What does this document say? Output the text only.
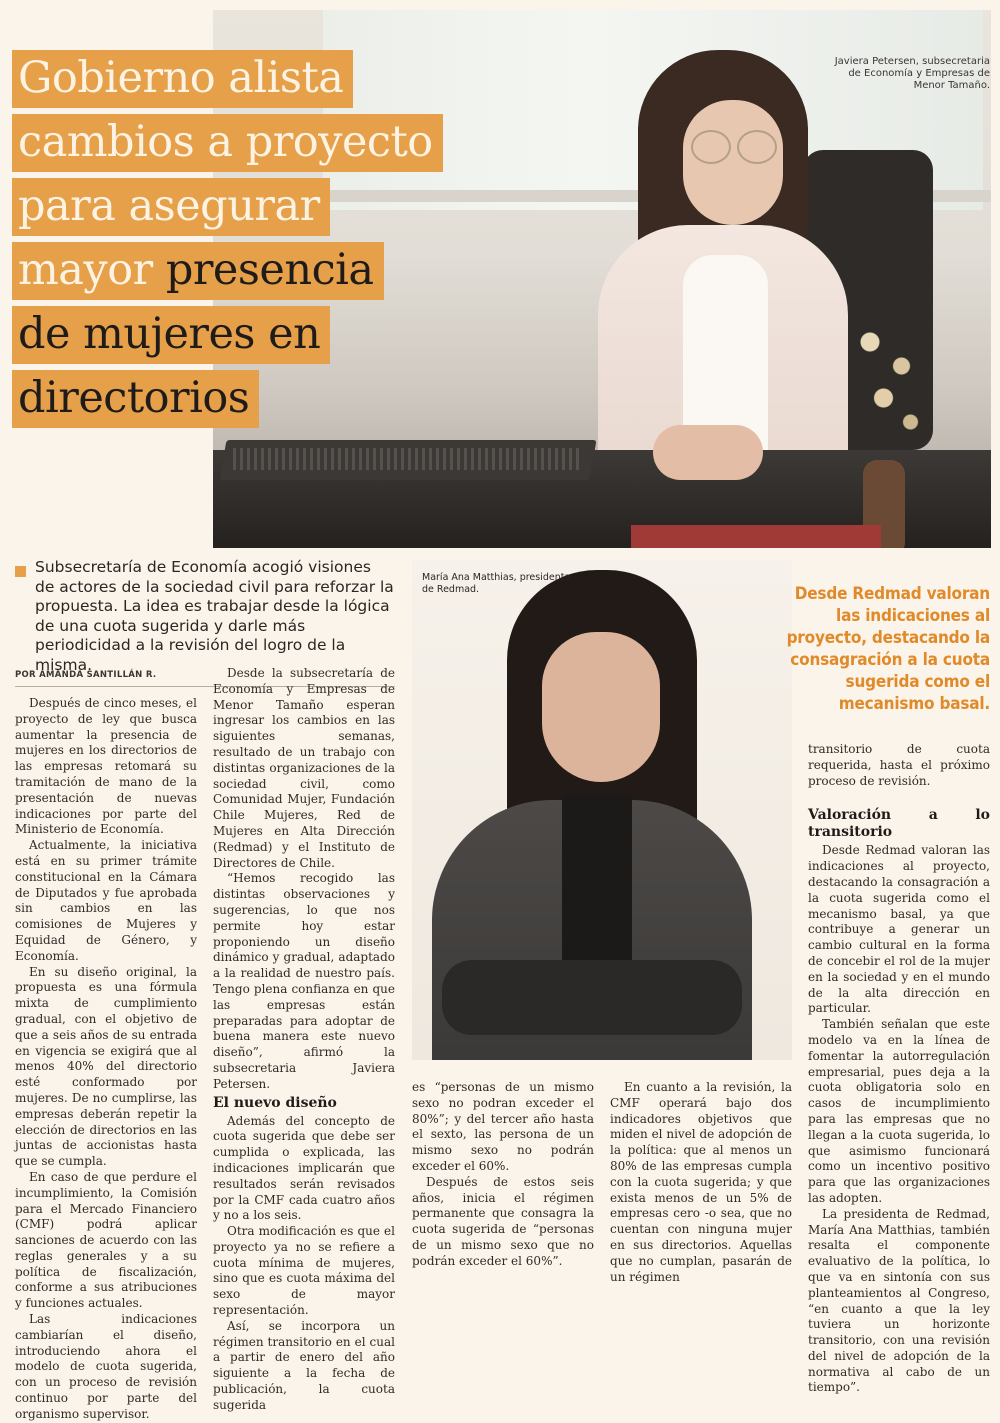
Javiera Petersen, subsecretaria de Economía y Empresas de Menor Tamaño.
Gobierno alista
cambios a proyecto
para asegurar
mayor presencia
de mujeres en
directorios
Subsecretaría de Economía acogió visiones de actores de la sociedad civil para reforzar la propuesta. La idea es trabajar desde la lógica de una cuota sugerida y darle más periodicidad a la revisión del logro de la misma.
POR AMANDA SANTILLÁN R.

Después de cinco meses, el proyecto de ley que busca aumentar la presencia de mujeres en los directorios de las empresas retomará su tramitación de mano de la presentación de nuevas indicaciones por parte del Ministerio de Economía.

Actualmente, la iniciativa está en su primer trámite constitucional en la Cámara de Diputados y fue aprobada sin cambios en las comisiones de Mujeres y Equidad de Género, y Economía.

En su diseño original, la propuesta es una fórmula mixta de cumplimiento gradual, con el objetivo de que a seis años de su entrada en vigencia se exigirá que al menos 40% del directorio esté conformado por mujeres. De no cumplirse, las empresas deberán repetir la elección de directorios en las juntas de accionistas hasta que se cumpla.

En caso de que perdure el incumplimiento, la Comisión para el Mercado Financiero (CMF) podrá aplicar sanciones de acuerdo con las reglas generales y a su política de fiscalización, conforme a sus atribuciones y funciones actuales.

Las indicaciones cambiarían el diseño, introduciendo ahora el modelo de cuota sugerida, con un proceso de revisión continuo por parte del organismo supervisor.

Desde la subsecretaría de Economía y Empresas de Menor Tamaño esperan ingresar los cambios en las siguientes semanas, resultado de un trabajo con distintas organizaciones de la sociedad civil, como Comunidad Mujer, Fundación Chile Mujeres, Red de Mujeres en Alta Dirección (Redmad) y el Instituto de Directores de Chile.

“Hemos recogido las distintas observaciones y sugerencias, lo que nos permite hoy estar proponiendo un diseño dinámico y gradual, adaptado a la realidad de nuestro país. Tengo plena confianza en que las empresas están preparadas para adoptar de buena manera este nuevo diseño”, afirmó la subsecretaria Javiera Petersen.

El nuevo diseño

Además del concepto de cuota sugerida que debe ser cumplida o explicada, las indicaciones implicarán que resultados serán revisados por la CMF cada cuatro años y no a los seis.

Otra modificación es que el proyecto ya no se refiere a cuota mínima de mujeres, sino que es cuota máxima del sexo de mayor representación.

Así, se incorpora un régimen transitorio en el cual a partir de enero del año siguiente a la fecha de publicación, la cuota sugerida

María Ana Matthias, presidenta de Redmad.	Desde Redmad valoran las indicaciones al proyecto, destacando la consagración a la cuota sugerida como el mecanismo basal.

es “personas de un mismo sexo no podran exceder el 80%”; y del tercer año hasta el sexto, las persona de un mismo sexo no podrán exceder el 60%.

Después de estos seis años, inicia el régimen permanente que consagra la cuota sugerida de “personas de un mismo sexo que no podrán exceder el 60%”.

En cuanto a la revisión, la CMF operará bajo dos indicadores objetivos que miden el nivel de adopción de la política: que al menos un 80% de las empresas cumpla con la cuota sugerida; y que exista menos de un 5% de empresas cero -o sea, que no cuentan con ninguna mujer en sus directorios. Aquellas que no cumplan, pasarán de un régimen

transitorio de cuota requerida, hasta el próximo proceso de revisión.

Valoración a lo transitorio

Desde Redmad valoran las indicaciones al proyecto, destacando la consagración a la cuota sugerida como el mecanismo basal, ya que contribuye a generar un cambio cultural en la forma de concebir el rol de la mujer en la sociedad y en el mundo de la alta dirección en particular.

También señalan que este modelo va en la línea de fomentar la autorregulación empresarial, pues deja a la cuota obligatoria solo en casos de incumplimiento para las empresas que no llegan a la cuota sugerida, lo que asimismo funcionará como un incentivo positivo para que las organizaciones las adopten.

La presidenta de Redmad, María Ana Matthias, también resalta el componente evaluativo de la política, lo que va en sintonía con sus planteamientos al Congreso, “en cuanto a que la ley tuviera un horizonte transitorio, con una revisión del nivel de adopción de la normativa al cabo de un tiempo”.
